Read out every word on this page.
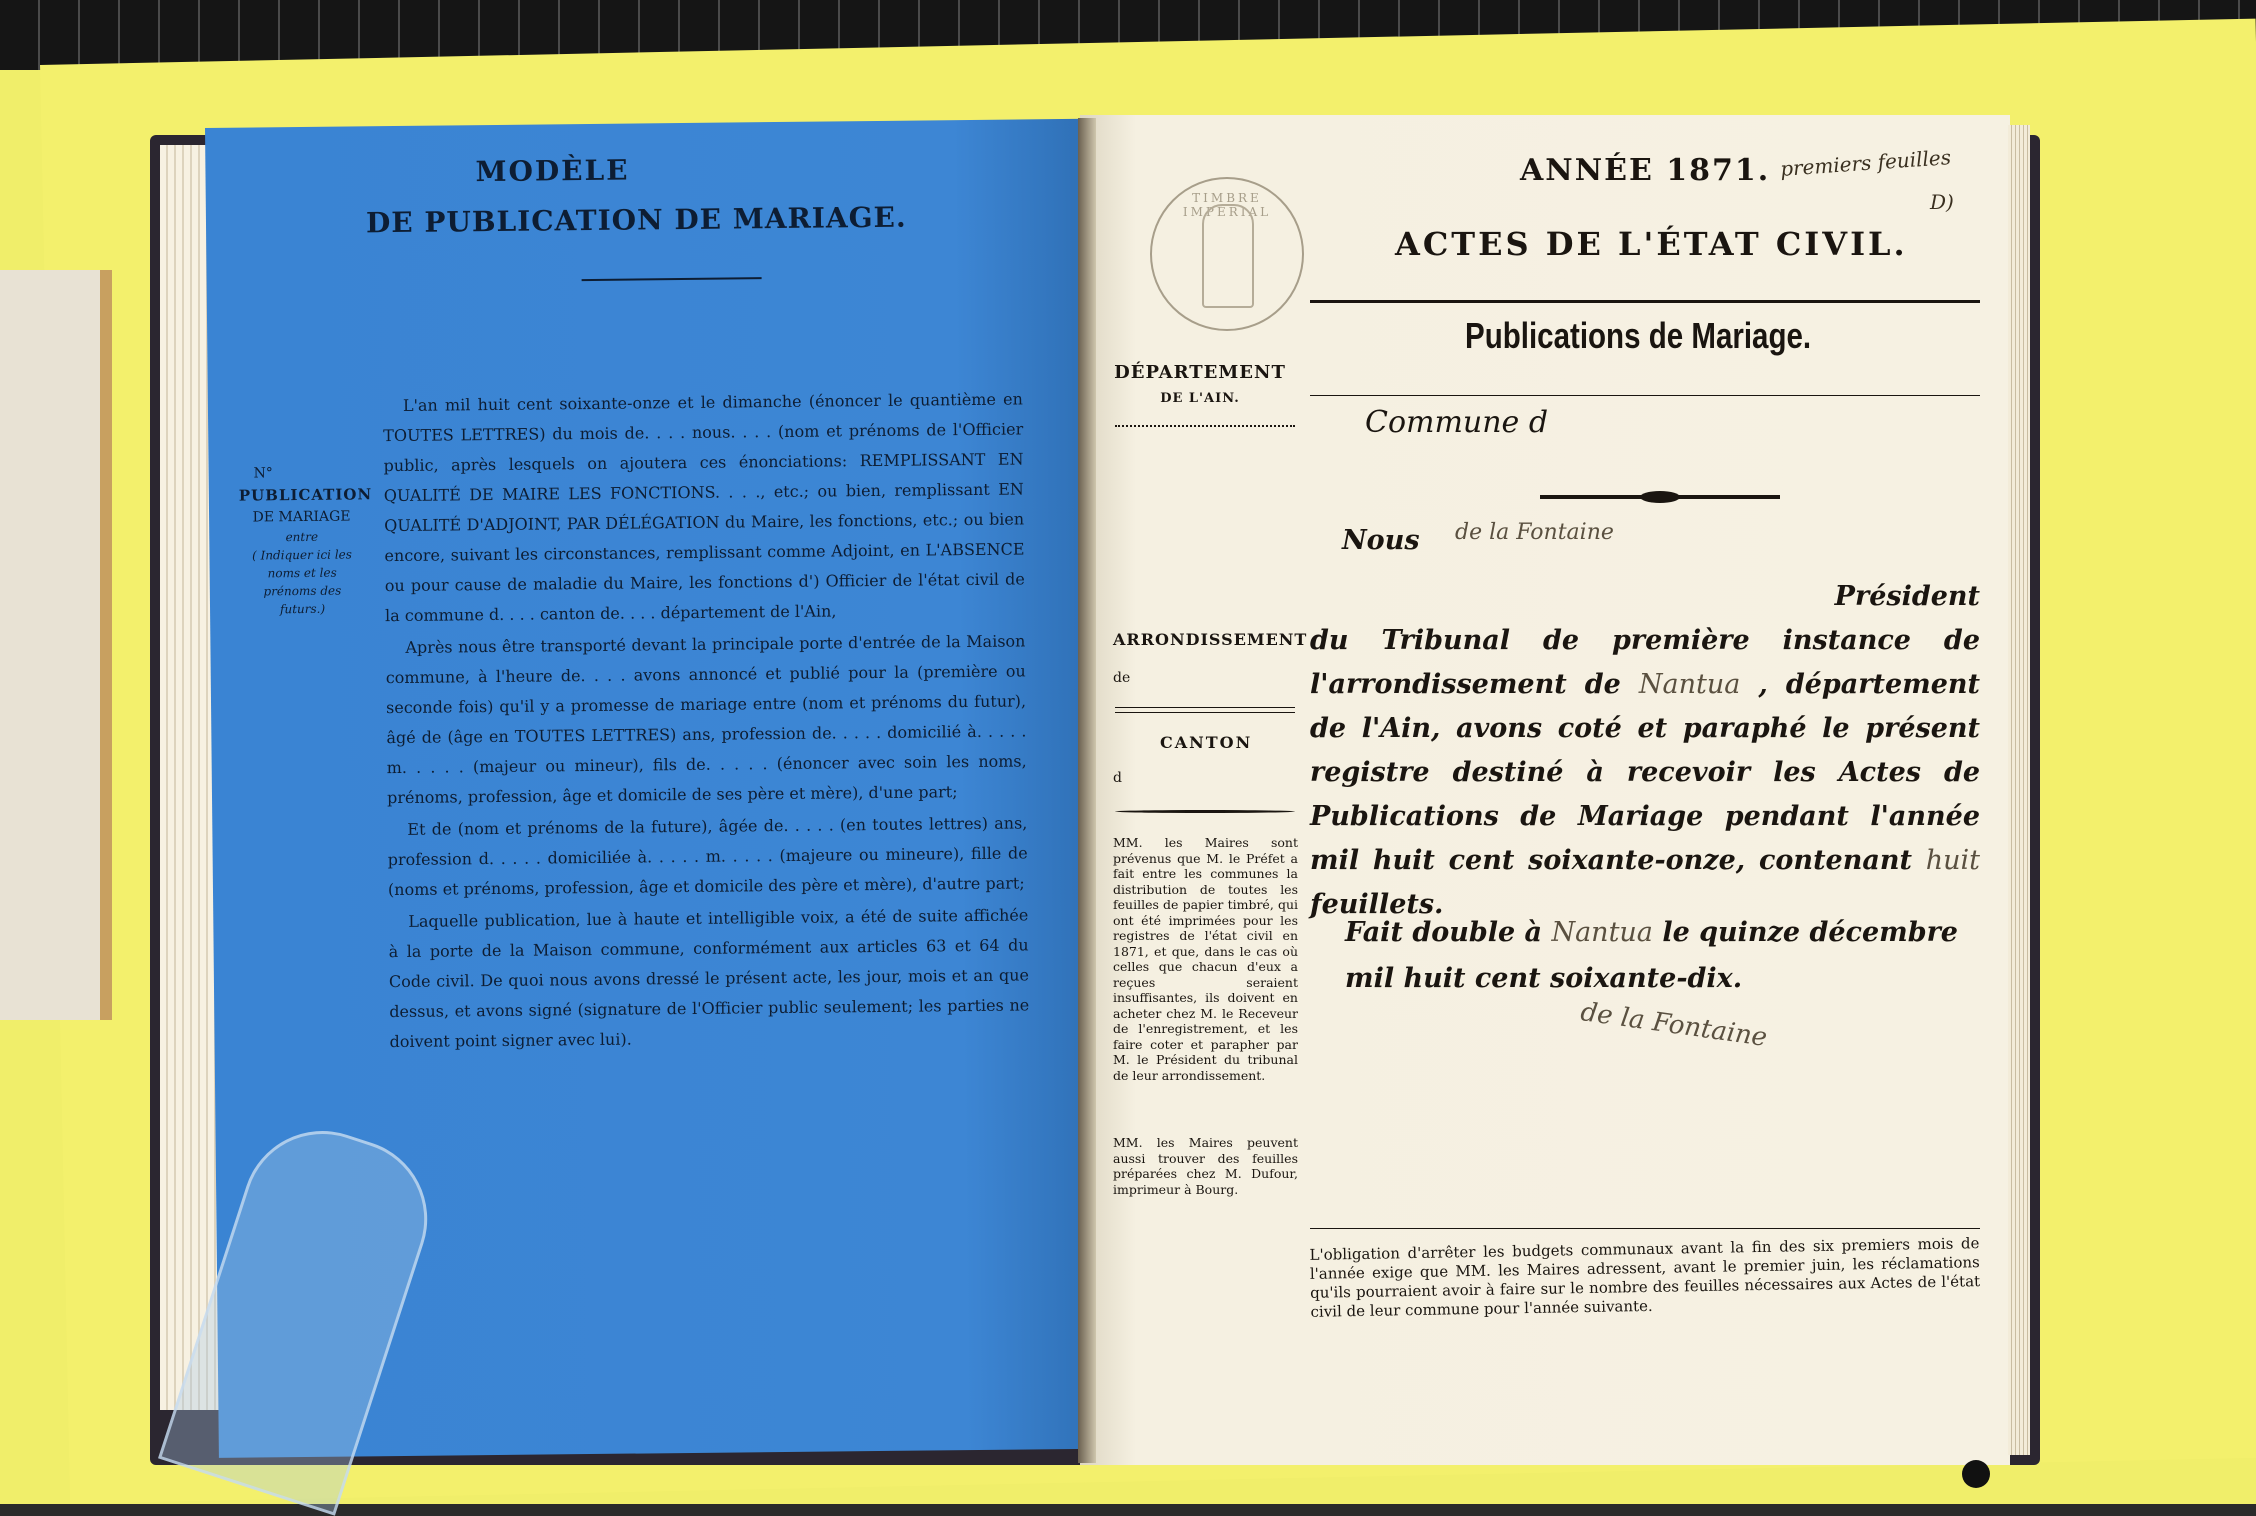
MODÈLE
DE PUBLICATION DE MARIAGE.
N°
PUBLICATION
DE MARIAGE

entre
( Indiquer ici les noms et les prénoms des futurs.)

L'an mil huit cent soixante-onze et le dimanche (énoncer le quantième en TOUTES LETTRES) du mois de. . . . nous. . . . (nom et prénoms de l'Officier public, après lesquels on ajoutera ces énonciations: REMPLISSANT EN QUALITÉ DE MAIRE LES FONCTIONS. . . ., etc.; ou bien, remplissant EN QUALITÉ D'ADJOINT, PAR DÉLÉGATION du Maire, les fonctions, etc.; ou bien encore, suivant les circonstances, remplissant comme Adjoint, en L'ABSENCE ou pour cause de maladie du Maire, les fonctions d') Officier de l'état civil de la commune d. . . . canton de. . . . département de l'Ain,

Après nous être transporté devant la principale porte d'entrée de la Maison commune, à l'heure de. . . . avons annoncé et publié pour la (première ou seconde fois) qu'il y a promesse de mariage entre (nom et prénoms du futur), âgé de (âge en TOUTES LETTRES) ans, profession de. . . . . domicilié à. . . . . m. . . . . (majeur ou mineur), fils de. . . . . (énoncer avec soin les noms, prénoms, profession, âge et domicile de ses père et mère), d'une part;

Et de (nom et prénoms de la future), âgée de. . . . . (en toutes lettres) ans, profession d. . . . . domiciliée à. . . . . m. . . . . (majeure ou mineure), fille de (noms et prénoms, profession, âge et domicile des père et mère), d'autre part;

Laquelle publication, lue à haute et intelligible voix, a été de suite affichée à la porte de la Maison commune, conformément aux articles 63 et 64 du Code civil. De quoi nous avons dressé le présent acte, les jour, mois et an que dessus, et avons signé (signature de l'Officier public seulement; les parties ne doivent point signer avec lui).

TIMBRE IMPÉRIAL
ANNÉE 1871. premiers feuilles
D)
ACTES DE L'ÉTAT CIVIL.
Publications de Mariage.
Commune d
DÉPARTEMENT
DE L'AIN.
ARRONDISSEMENT
de
CANTON
d
MM. les Maires sont prévenus que M. le Préfet a fait entre les communes la distribution de toutes les feuilles de papier timbré, qui ont été imprimées pour les registres de l'état civil en 1871, et que, dans le cas où celles que chacun d'eux a reçues seraient insuffisantes, ils doivent en acheter chez M. le Receveur de l'enregistrement, et les faire coter et parapher par M. le Président du tribunal de leur arrondissement.
MM. les Maires peuvent aussi trouver des feuilles préparées chez M. Dufour, imprimeur à Bourg.
Nous de la Fontaine
Président
du Tribunal de première instance de l'arrondissement de Nantua , département de l'Ain, avons coté et paraphé le présent registre destiné à recevoir les Actes de Publications de Mariage pendant l'année mil huit cent soixante-onze, contenant huit feuillets.
Fait double à Nantua le quinze décembre mil huit cent soixante-dix.
de la Fontaine
L'obligation d'arrêter les budgets communaux avant la fin des six premiers mois de l'année exige que MM. les Maires adressent, avant le premier juin, les réclamations qu'ils pourraient avoir à faire sur le nombre des feuilles nécessaires aux Actes de l'état civil de leur commune pour l'année suivante.
